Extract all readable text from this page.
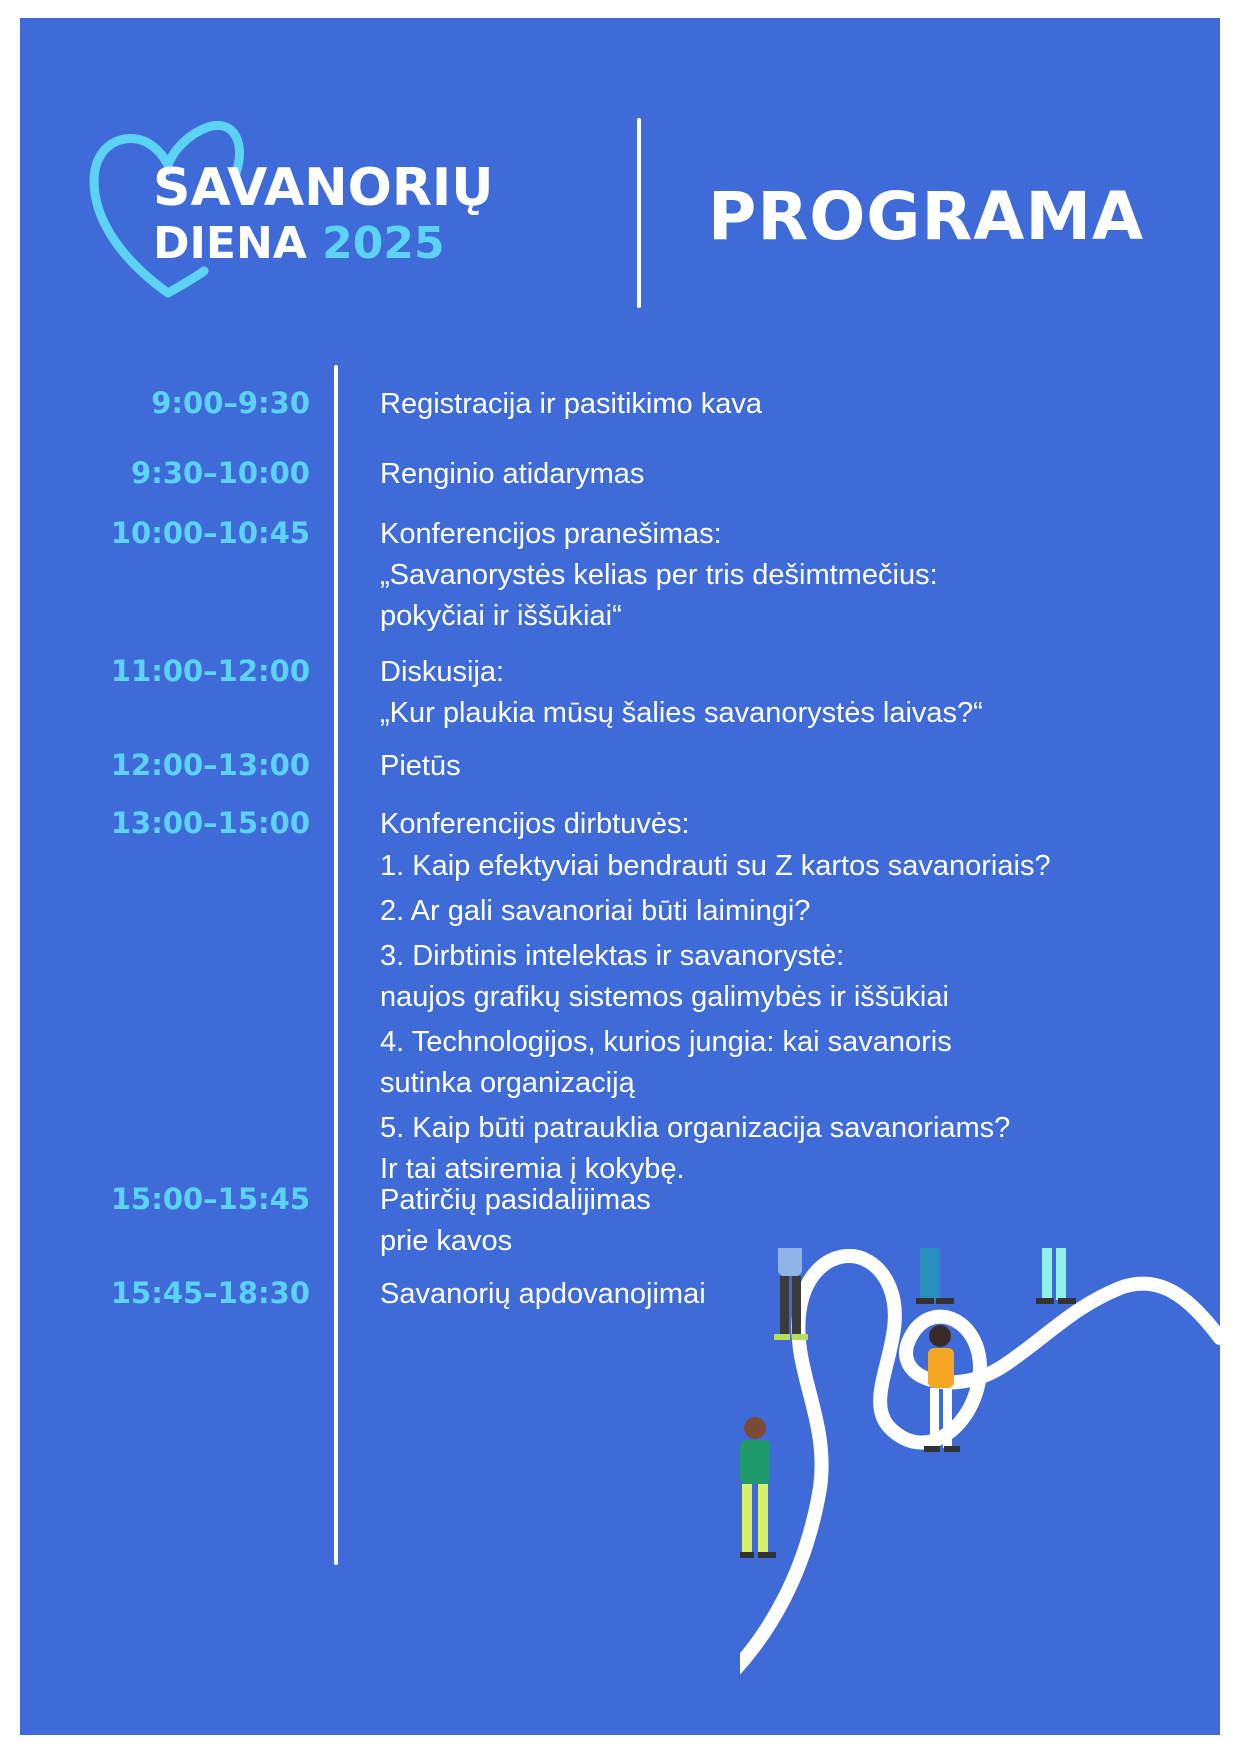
SAVANORIŲ
DIENA 2025	PROGRAMA
9:00–9:30 Registracija ir pasitikimo kava
9:30–10:00 Renginio atidarymas
10:00–10:45 Konferencijos pranešimas:
„Savanorystės kelias per tris dešimtmečius:
pokyčiai ir iššūkiai“
11:00–12:00 Diskusija:
„Kur plaukia mūsų šalies savanorystės laivas?“
12:00–13:00 Pietūs
13:00–15:00 Konferencijos dirbtuvės:
1. Kaip efektyviai bendrauti su Z kartos savanoriais?
2. Ar gali savanoriai būti laimingi?
3. Dirbtinis intelektas ir savanorystė:
naujos grafikų sistemos galimybės ir iššūkiai
4. Technologijos, kurios jungia: kai savanoris
sutinka organizaciją
5. Kaip būti patrauklia organizacija savanoriams?
Ir tai atsiremia į kokybę.
15:00–15:45 Patirčių pasidalijimas
prie kavos
15:45–18:30 Savanorių apdovanojimai
